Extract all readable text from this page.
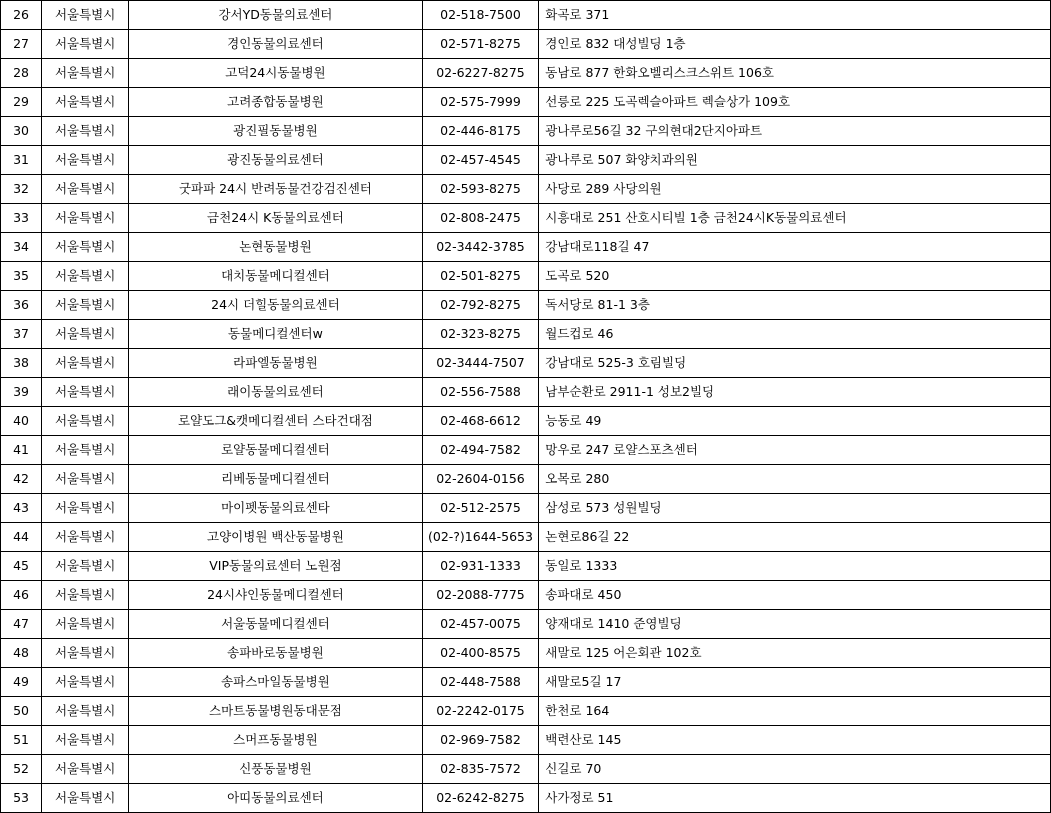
26	서울특별시	강서YD동물의료센터	02-518-7500	화곡로 371
27	서울특별시	경인동물의료센터	02-571-8275	경인로 832 대성빌딩 1층
28	서울특별시	고덕24시동물병원	02-6227-8275	동남로 877 한화오벨리스크스위트 106호
29	서울특별시	고려종합동물병원	02-575-7999	선릉로 225 도곡렉슬아파트 렉슬상가 109호
30	서울특별시	광진필동물병원	02-446-8175	광나루로56길 32 구의현대2단지아파트
31	서울특별시	광진동물의료센터	02-457-4545	광나루로 507 화양치과의원
32	서울특별시	굿파파 24시 반려동물건강검진센터	02-593-8275	사당로 289 사당의원
33	서울특별시	금천24시 K동물의료센터	02-808-2475	시흥대로 251 산호시티빌 1층 금천24시K동물의료센터
34	서울특별시	논현동물병원	02-3442-3785	강남대로118길 47
35	서울특별시	대치동물메디컬센터	02-501-8275	도곡로 520
36	서울특별시	24시 더힐동물의료센터	02-792-8275	독서당로 81-1 3층
37	서울특별시	동물메디컬센터w	02-323-8275	월드컵로 46
38	서울특별시	라파엘동물병원	02-3444-7507	강남대로 525-3 호림빌딩
39	서울특별시	래이동물의료센터	02-556-7588	남부순환로 2911-1 성보2빌딩
40	서울특별시	로얄도그&캣메디컬센터 스타건대점	02-468-6612	능동로 49
41	서울특별시	로얄동물메디컬센터	02-494-7582	망우로 247 로얄스포츠센터
42	서울특별시	리베동물메디컬센터	02-2604-0156	오목로 280
43	서울특별시	마이펫동물의료센타	02-512-2575	삼성로 573 성원빌딩
44	서울특별시	고양이병원 백산동물병원	(02-?)1644-5653	논현로86길 22
45	서울특별시	VIP동물의료센터 노원점	02-931-1333	동일로 1333
46	서울특별시	24시샤인동물메디컬센터	02-2088-7775	송파대로 450
47	서울특별시	서울동물메디컬센터	02-457-0075	양재대로 1410 준영빌딩
48	서울특별시	송파바로동물병원	02-400-8575	새말로 125 어은회관 102호
49	서울특별시	송파스마일동물병원	02-448-7588	새말로5길 17
50	서울특별시	스마트동물병원동대문점	02-2242-0175	한천로 164
51	서울특별시	스머프동물병원	02-969-7582	백련산로 145
52	서울특별시	신풍동물병원	02-835-7572	신길로 70
53	서울특별시	아띠동물의료센터	02-6242-8275	사가정로 51
